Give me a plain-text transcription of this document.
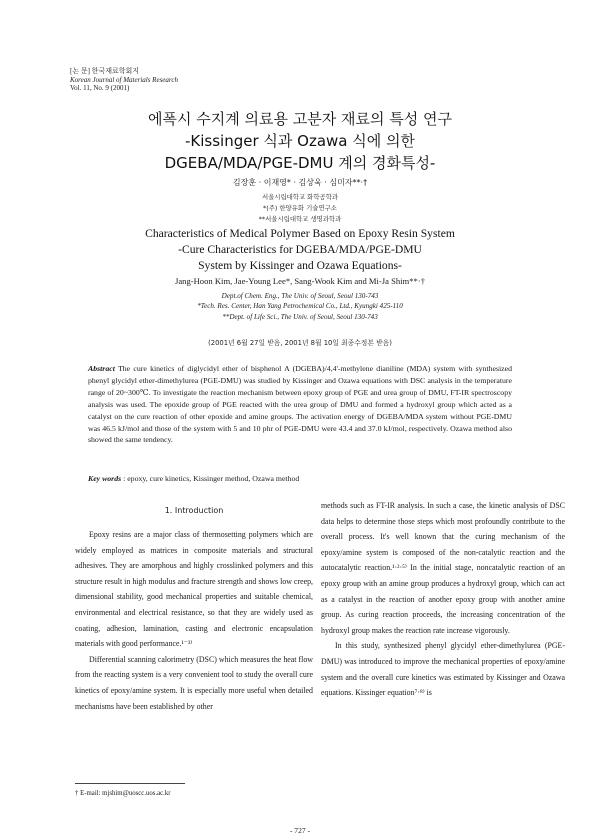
[논 문] 한국재료학회지
Korean Journal of Materials Research
Vol. 11, No. 9 (2001)
에폭시 수지계 의료용 고분자 재료의 특성 연구
-Kissinger 식과 Ozawa 식에 의한
DGEBA/MDA/PGE-DMU 계의 경화특성-
김장훈 · 이재영* · 김상욱 · 심미자**·†
서울시립대학교 화학공학과
*(주) 한양유화 기술연구소
**서울시립대학교 생명과학과
Characteristics of Medical Polymer Based on Epoxy Resin System
-Cure Characteristics for DGEBA/MDA/PGE-DMU
System by Kissinger and Ozawa Equations-
Jang-Hoon Kim, Jae-Young Lee*, Sang-Wook Kim and Mi-Ja Shim**·†
Dept.of Chem. Eng., The Univ. of Seoul, Seoul 130-743
*Tech. Res. Center, Han Yang Petrochemical Co., Ltd., Kyungki 425-110
**Dept. of Life Sci., The Univ. of Seoul, Seoul 130-743
(2001년 6월 27일 받음, 2001년 8월 10일 최종수정본 받음)
Abstract The cure kinetics of diglycidyl ether of bisphenol A (DGEBA)/4,4'-methylene dianiline (MDA) system with synthesized phenyl glycidyl ether-dimethylurea (PGE-DMU) was studied by Kissinger and Ozawa equations with DSC analysis in the temperature range of 20~300℃. To investigate the reaction mechanism between epoxy group of PGE and urea group of DMU, FT-IR spectroscopy analysis was used. The epoxide group of PGE reacted with the urea group of DMU and formed a hydroxyl group which acted as a catalyst on the cure reaction of other epoxide and amine groups. The activation energy of DGEBA/MDA system without PGE-DMU was 46.5 kJ/mol and those of the system with 5 and 10 phr of PGE-DMU were 43.4 and 37.0 kJ/mol, respectively. Ozawa method also showed the same tendency.
Key words : epoxy, cure kinetics, Kissinger method, Ozawa method

1. Introduction

Epoxy resins are a major class of thermosetting polymers which are widely employed as matrices in composite materials and structural adhesives. They are amorphous and highly crosslinked polymers and this structure result in high modulus and fracture strength and shows low creep, dimensional stability, good mechanical properties and suitable chemical, environmental and electrical resistance, so that they are widely used as coating, adhesion, lamination, casting and electronic encapsulation materials with good performance.¹⁻³⁾

Differential scanning calorimetry (DSC) which measures the heat flow from the reacting system is a very convenient tool to study the overall cure kinetics of epoxy/amine system. It is especially more useful when detailed mechanisms have been established by other

methods such as FT-IR analysis. In such a case, the kinetic analysis of DSC data helps to determine those steps which most profoundly contribute to the overall process. It's well known that the curing mechanism of the epoxy/amine system is composed of the non-catalytic reaction and the autocatalytic reaction.¹·²·⁵⁾ In the initial stage, noncatalytic reaction of an epoxy group with an amine group produces a hydroxyl group, which can act as a catalyst in the reaction of another epoxy group with another amine group. As curing reaction proceeds, the increasing concentration of the hydroxyl group makes the reaction rate increase vigorously.

In this study, synthesized phenyl glycidyl ether-dimethylurea (PGE-DMU) was introduced to improve the mechanical properties of epoxy/amine system and the overall cure kinetics was estimated by Kissinger and Ozawa equations. Kissinger equation⁷·⁸⁾ is

† E-mail: mjshim@uoscc.uos.ac.kr
- 727 -
